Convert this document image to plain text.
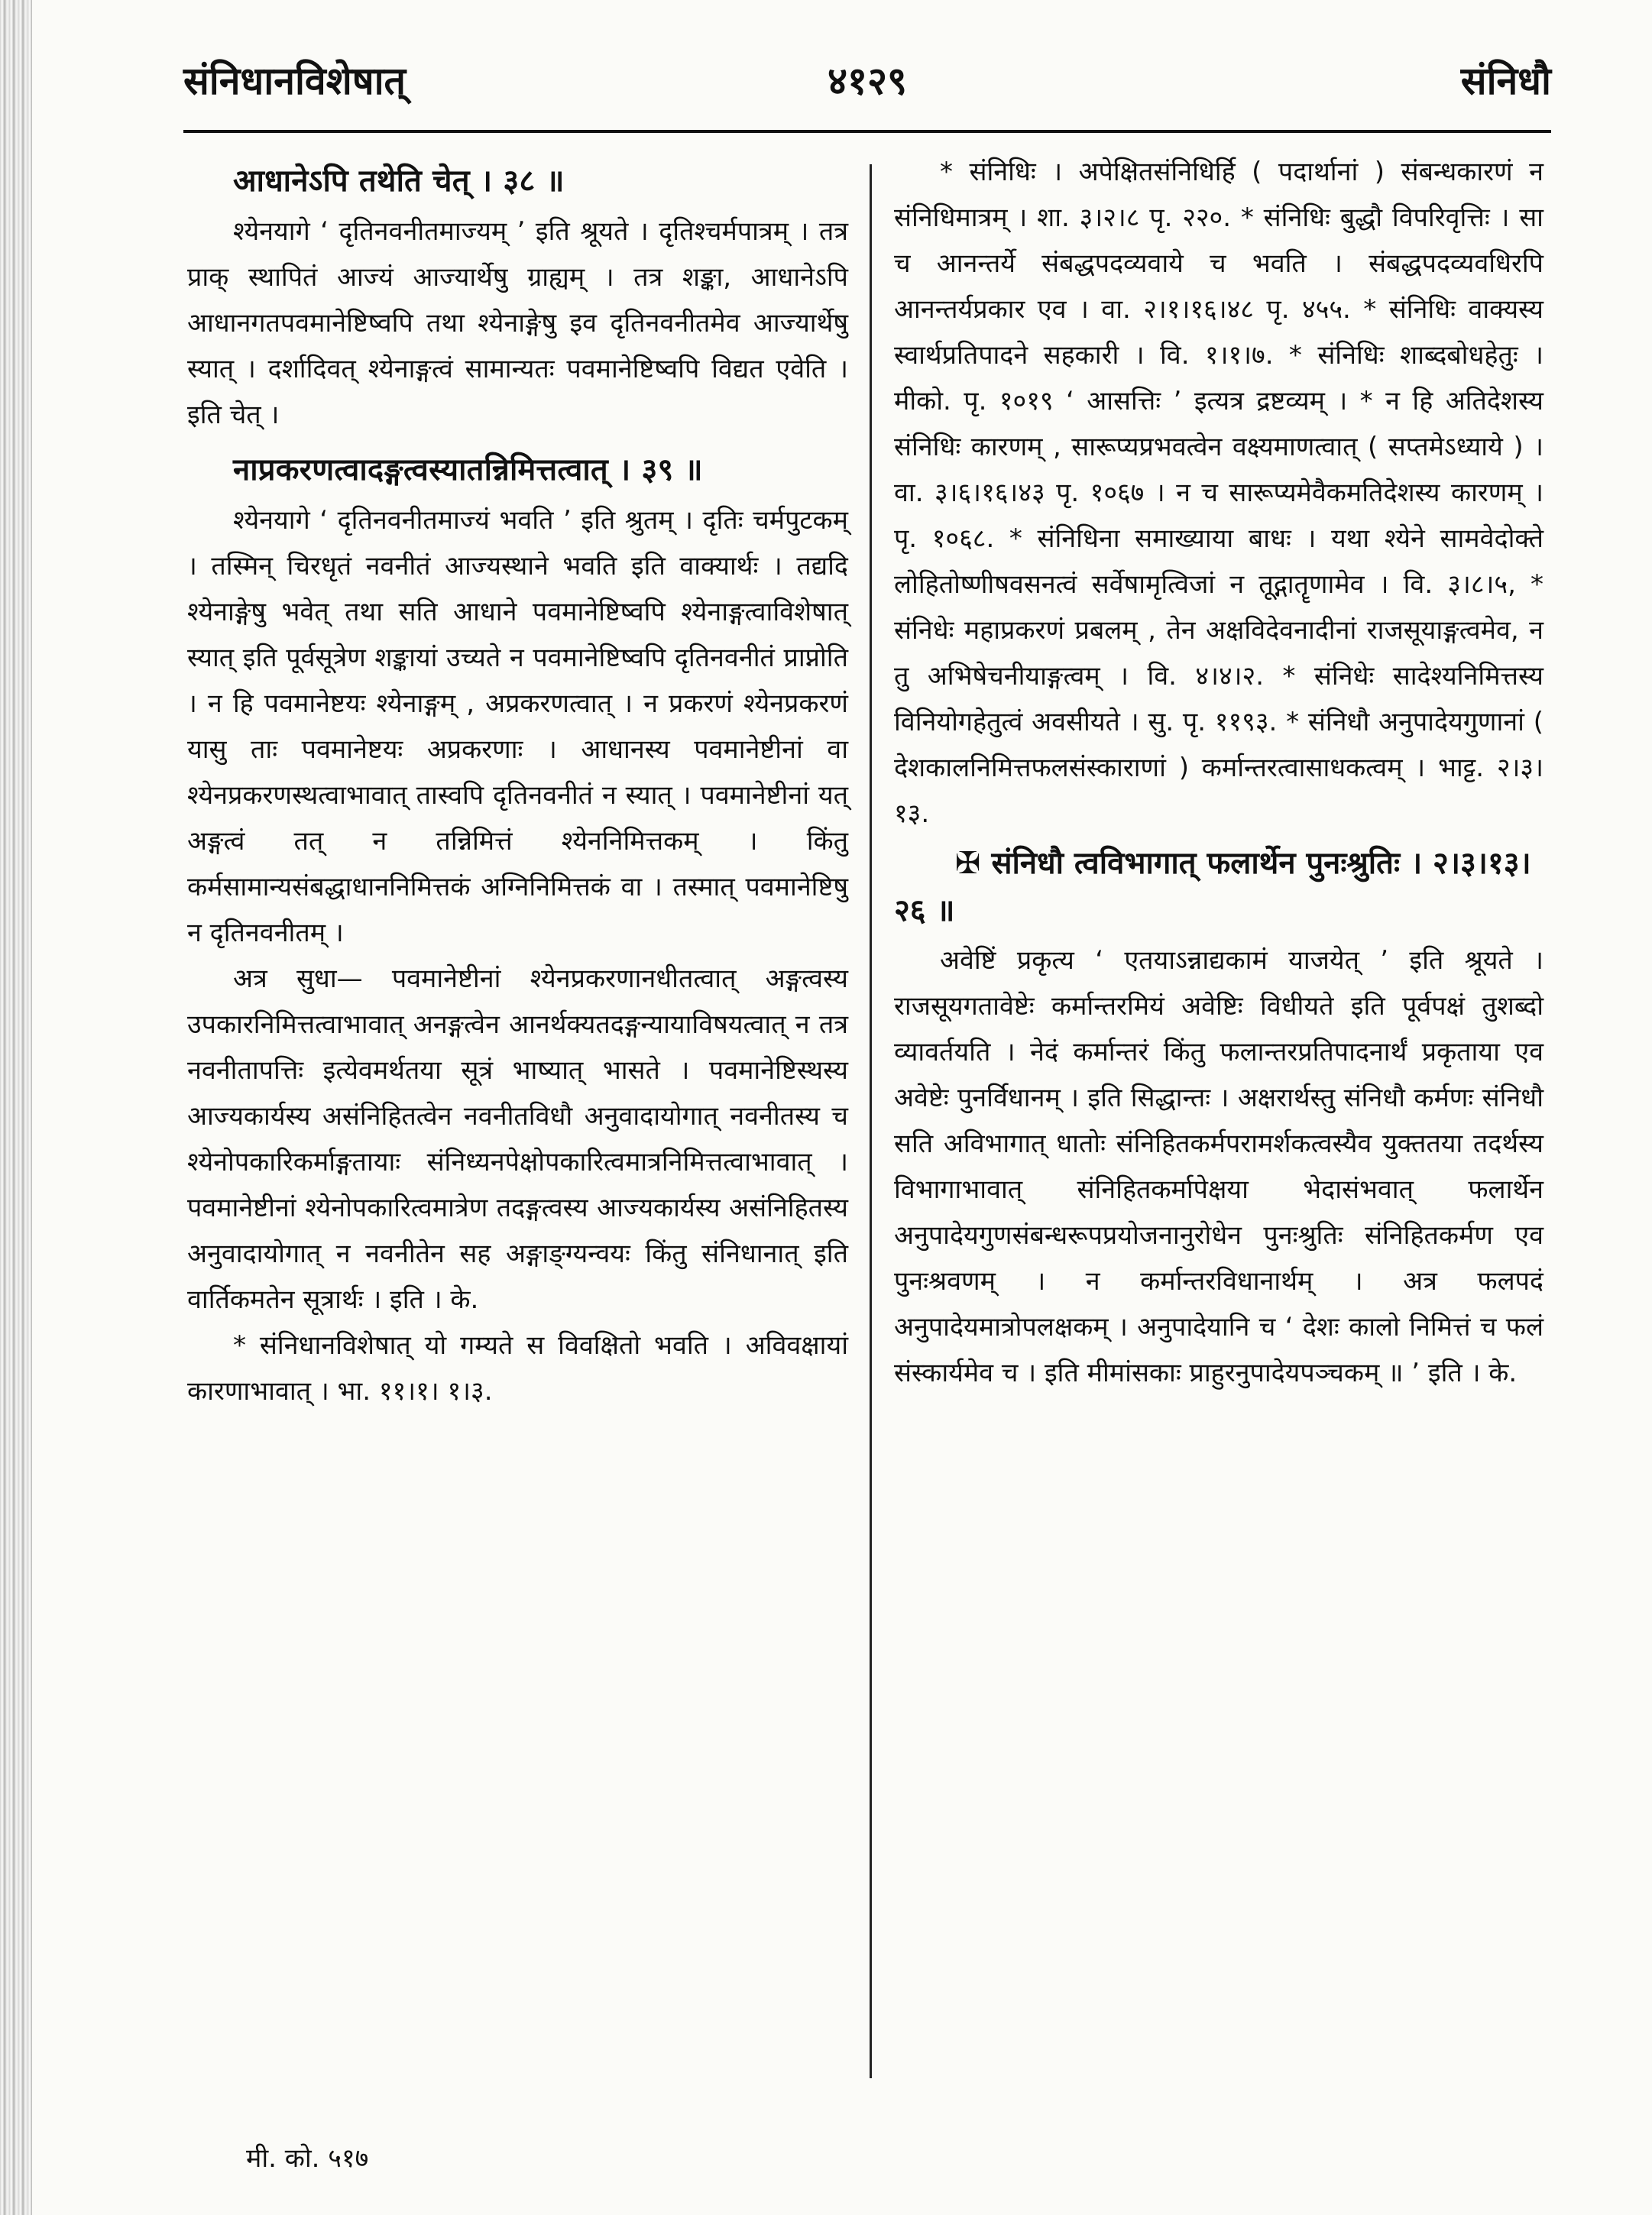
संनिधानविशेषात्	४१२९	संनिधौ
आधानेऽपि तथेति चेत् । ३८ ॥

श्येनयागे ‘ दृतिनवनीतमाज्यम् ’ इति श्रूयते । दृतिश्चर्मपात्रम् । तत्र प्राक् स्थापितं आज्यं आज्यार्थेषु ग्राह्यम् । तत्र शङ्का, आधानेऽपि आधानगतपवमानेष्टिष्वपि तथा श्येनाङ्गेषु इव दृतिनवनीतमेव आज्यार्थेषु स्यात् । दर्शादिवत् श्येनाङ्गत्वं सामान्यतः पवमानेष्टिष्वपि विद्यत एवेति । इति चेत् ।

नाप्रकरणत्वादङ्गत्वस्यातन्निमित्तत्वात् । ३९ ॥

श्येनयागे ‘ दृतिनवनीतमाज्यं भवति ’ इति श्रुतम् । दृतिः चर्मपुटकम् । तस्मिन् चिरधृतं नवनीतं आज्यस्थाने भवति इति वाक्यार्थः । तद्यदि श्येनाङ्गेषु भवेत् तथा सति आधाने पवमानेष्टिष्वपि श्येनाङ्गत्वाविशेषात् स्यात् इति पूर्वसूत्रेण शङ्कायां उच्यते न पवमानेष्टिष्वपि दृतिनवनीतं प्राप्नोति । न हि पवमानेष्टयः श्येनाङ्गम् , अप्रकरणत्वात् । न प्रकरणं श्येनप्रकरणं यासु ताः पवमानेष्टयः अप्रकरणाः । आधानस्य पवमानेष्टीनां वा श्येनप्रकरणस्थत्वाभावात् तास्वपि दृतिनवनीतं न स्यात् । पवमानेष्टीनां यत् अङ्गत्वं तत् न तन्निमित्तं श्येननिमित्तकम् । किंतु कर्मसामान्यसंबद्धाधाननिमित्तकं अग्निनिमित्तकं वा । तस्मात् पवमानेष्टिषु न दृतिनवनीतम् ।

अत्र सुधा— पवमानेष्टीनां श्येनप्रकरणानधीतत्वात् अङ्गत्वस्य उपकारनिमित्तत्वाभावात् अनङ्गत्वेन आनर्थक्यतदङ्गन्यायाविषयत्वात् न तत्र नवनीतापत्तिः इत्येवमर्थतया सूत्रं भाष्यात् भासते । पवमानेष्टिस्थस्य आज्यकार्यस्य असंनिहितत्वेन नवनीतविधौ अनुवादायोगात् नवनीतस्य च श्येनोपकारिकर्माङ्गतायाः संनिध्यनपेक्षोपकारित्वमात्रनिमित्तत्वाभावात् । पवमानेष्टीनां श्येनोपकारित्वमात्रेण तदङ्गत्वस्य आज्यकार्यस्य असंनिहितस्य अनुवादायोगात् न नवनीतेन सह अङ्गाङ्ग्यन्वयः किंतु संनिधानात् इति वार्तिकमतेन सूत्रार्थः । इति । के.

* संनिधानविशेषात् यो गम्यते स विवक्षितो भवति । अविवक्षायां कारणाभावात् । भा. ११।१। १।३.

* संनिधिः । अपेक्षितसंनिधिर्हि ( पदार्थानां ) संबन्धकारणं न संनिधिमात्रम् । शा. ३।२।८ पृ. २२०. * संनिधिः बुद्धौ विपरिवृत्तिः । सा च आनन्तर्ये संबद्धपदव्यवाये च भवति । संबद्धपदव्यवधिरपि आनन्तर्यप्रकार एव । वा. २।१।१६।४८ पृ. ४५५. * संनिधिः वाक्यस्य स्वार्थप्रतिपादने सहकारी । वि. १।१।७. * संनिधिः शाब्दबोधहेतुः । मीको. पृ. १०१९ ‘ आसत्तिः ’ इत्यत्र द्रष्टव्यम् । * न हि अतिदेशस्य संनिधिः कारणम् , सारूप्यप्रभवत्वेन वक्ष्यमाणत्वात् ( सप्तमेऽध्याये ) । वा. ३।६।१६।४३ पृ. १०६७ । न च सारूप्यमेवैकमतिदेशस्य कारणम् । पृ. १०६८. * संनिधिना समाख्याया बाधः । यथा श्येने सामवेदोक्ते लोहितोष्णीषवसनत्वं सर्वेषामृत्विजां न तूद्गातॄणामेव । वि. ३।८।५, * संनिधेः महाप्रकरणं प्रबलम् , तेन अक्षविदेवनादीनां राजसूयाङ्गत्वमेव, न तु अभिषेचनीयाङ्गत्वम् । वि. ४।४।२. * संनिधेः सादेश्यनिमित्तस्य विनियोगहेतुत्वं अवसीयते । सु. पृ. ११९३. * संनिधौ अनुपादेयगुणानां ( देशकालनिमित्तफलसंस्काराणां ) कर्मान्तरत्वासाधकत्वम् । भाट्ट. २।३।१३.

✠ संनिधौ त्वविभागात् फलार्थेन पुनःश्रुतिः । २।३।१३।२६ ॥

अवेष्टिं प्रकृत्य ‘ एतयाऽन्नाद्यकामं याजयेत् ’ इति श्रूयते । राजसूयगतावेष्टेः कर्मान्तरमियं अवेष्टिः विधीयते इति पूर्वपक्षं तुशब्दो व्यावर्तयति । नेदं कर्मान्तरं किंतु फलान्तरप्रतिपादनार्थं प्रकृताया एव अवेष्टेः पुनर्विधानम् । इति सिद्धान्तः । अक्षरार्थस्तु संनिधौ कर्मणः संनिधौ सति अविभागात् धातोः संनिहितकर्मपरामर्शकत्वस्यैव युक्ततया तदर्थस्य विभागाभावात् संनिहितकर्मापेक्षया भेदासंभवात् फलार्थेन अनुपादेयगुणसंबन्धरूपप्रयोजनानुरोधेन पुनःश्रुतिः संनिहितकर्मण एव पुनःश्रवणम् । न कर्मान्तरविधानार्थम् । अत्र फलपदं अनुपादेयमात्रोपलक्षकम् । अनुपादेयानि च ‘ देशः कालो निमित्तं च फलं संस्कार्यमेव च । इति मीमांसकाः प्राहुरनुपादेयपञ्चकम् ॥ ’ इति । के.

मी. को. ५१७
